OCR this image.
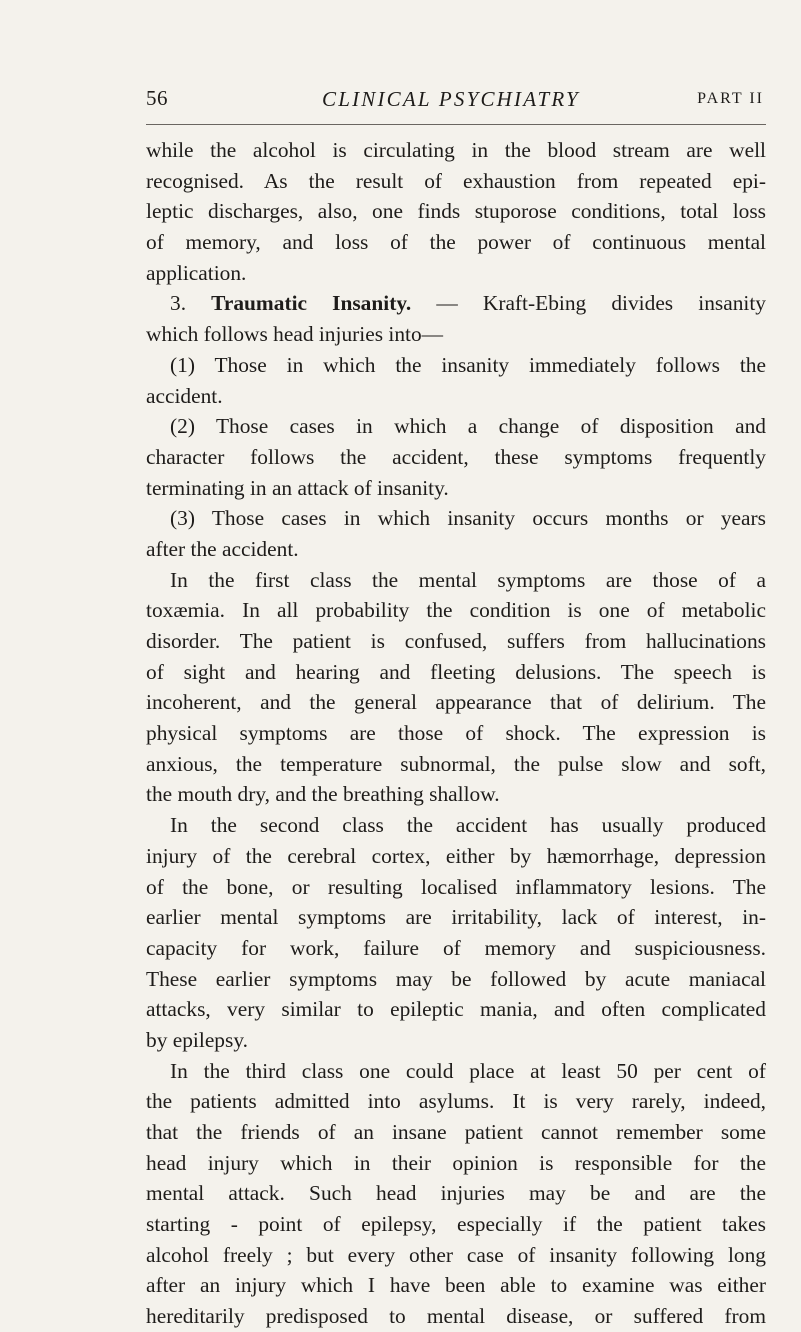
56	CLINICAL PSYCHIATRY	PART II
while the alcohol is circulating in the blood stream are well
recognised. As the result of exhaustion from repeated epi-
leptic discharges, also, one finds stuporose conditions, total loss
of memory, and loss of the power of continuous mental
application.
3. Traumatic Insanity. — Kraft-Ebing divides insanity
which follows head injuries into—
(1) Those in which the insanity immediately follows the
accident.
(2) Those cases in which a change of disposition and
character follows the accident, these symptoms frequently
terminating in an attack of insanity.
(3) Those cases in which insanity occurs months or years
after the accident.
In the first class the mental symptoms are those of a
toxæmia. In all probability the condition is one of metabolic
disorder. The patient is confused, suffers from hallucinations
of sight and hearing and fleeting delusions. The speech is
incoherent, and the general appearance that of delirium. The
physical symptoms are those of shock. The expression is
anxious, the temperature subnormal, the pulse slow and soft,
the mouth dry, and the breathing shallow.
In the second class the accident has usually produced
injury of the cerebral cortex, either by hæmorrhage, depression
of the bone, or resulting localised inflammatory lesions. The
earlier mental symptoms are irritability, lack of interest, in-
capacity for work, failure of memory and suspiciousness.
These earlier symptoms may be followed by acute maniacal
attacks, very similar to epileptic mania, and often complicated
by epilepsy.
In the third class one could place at least 50 per cent of
the patients admitted into asylums. It is very rarely, indeed,
that the friends of an insane patient cannot remember some
head injury which in their opinion is responsible for the
mental attack. Such head injuries may be and are the
starting - point of epilepsy, especially if the patient takes
alcohol freely ; but every other case of insanity following long
after an injury which I have been able to examine was either
hereditarily predisposed to mental disease, or suffered from
